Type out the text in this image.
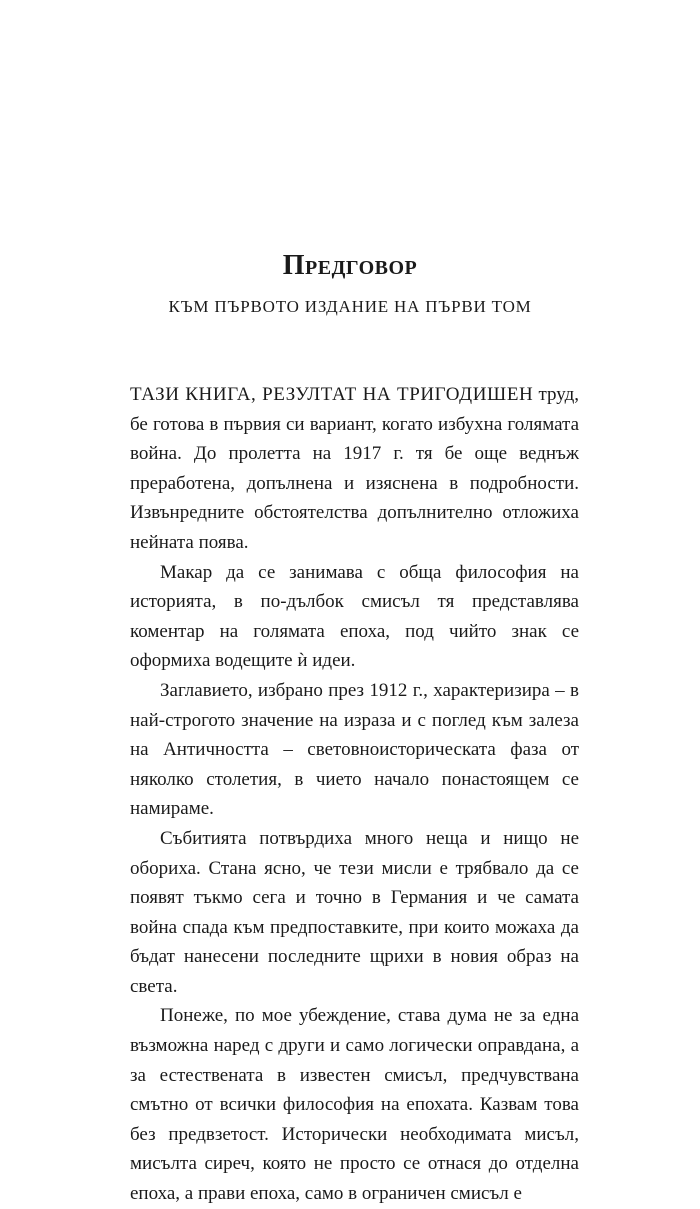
Предговор
КЪМ ПЪРВОТО ИЗДАНИЕ НА ПЪРВИ ТОМ

ТАЗИ КНИГА, РЕЗУЛТАТ НА ТРИГОДИШЕН труд, бе готова в първия си вариант, когато избухна голямата война. До пролетта на 1917 г. тя бе още веднъж преработена, допълнена и изяснена в подробности. Извънредните обстоятелства допълнително отложиха нейната поява.

Макар да се занимава с обща философия на историята, в по-дълбок смисъл тя представлява коментар на голямата епоха, под чийто знак се оформиха водещите ѝ идеи.

Заглавието, избрано през 1912 г., характеризира – в най-строгото значение на израза и с поглед към залеза на Античността – световноисторическата фаза от няколко столетия, в чието начало понастоящем се намираме.

Събитията потвърдиха много неща и нищо не обориха. Стана ясно, че тези мисли е трябвало да се появят тъкмо сега и точно в Германия и че самата война спада към предпоставките, при които можаха да бъдат нанесени последните щрихи в новия образ на света.

Понеже, по мое убеждение, става дума не за една възможна наред с други и само логически оправдана, а за естествената в известен смисъл, предчувствана смътно от всички философия на епохата. Казвам това без предвзетост. Исторически необходимата мисъл, мисълта сиреч, която не просто се отнася до отделна епоха, а прави епоха, само в ограничен смисъл е
